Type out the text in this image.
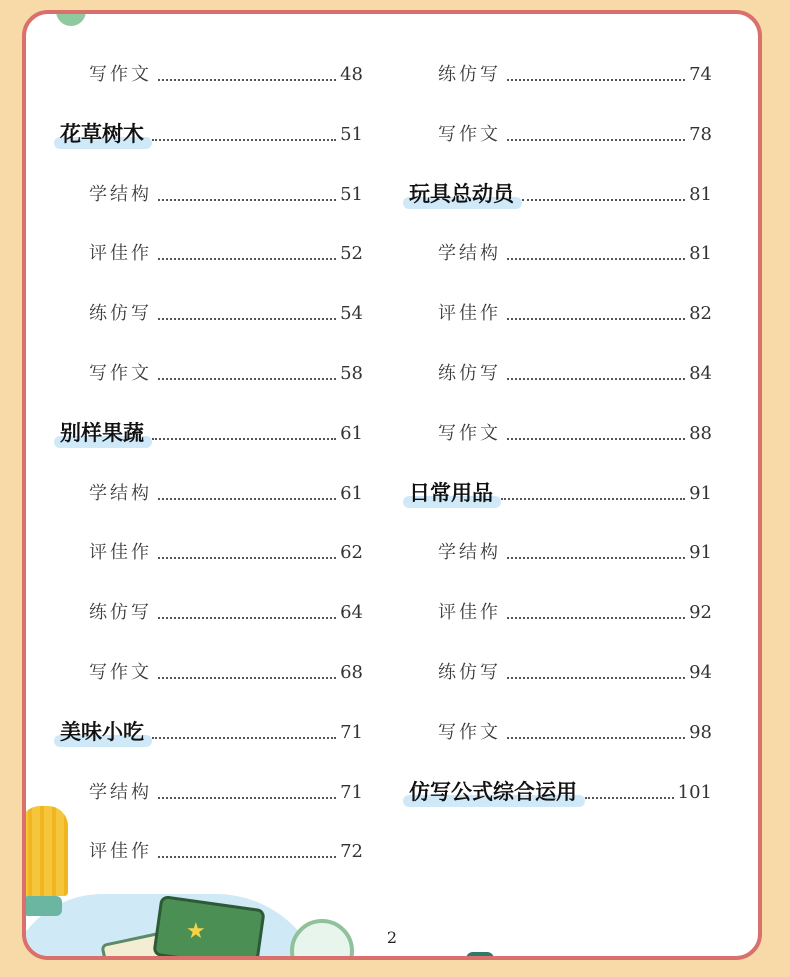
写作文	48
花草树木	51
学结构	51
评佳作	52
练仿写	54
写作文	58
别样果蔬	61
学结构	61
评佳作	62
练仿写	64
写作文	68
美味小吃	71
学结构	71
评佳作	72
练仿写	74
写作文	78
玩具总动员	81
学结构	81
评佳作	82
练仿写	84
写作文	88
日常用品	91
学结构	91
评佳作	92
练仿写	94
写作文	98
仿写公式综合运用	101
★	2
